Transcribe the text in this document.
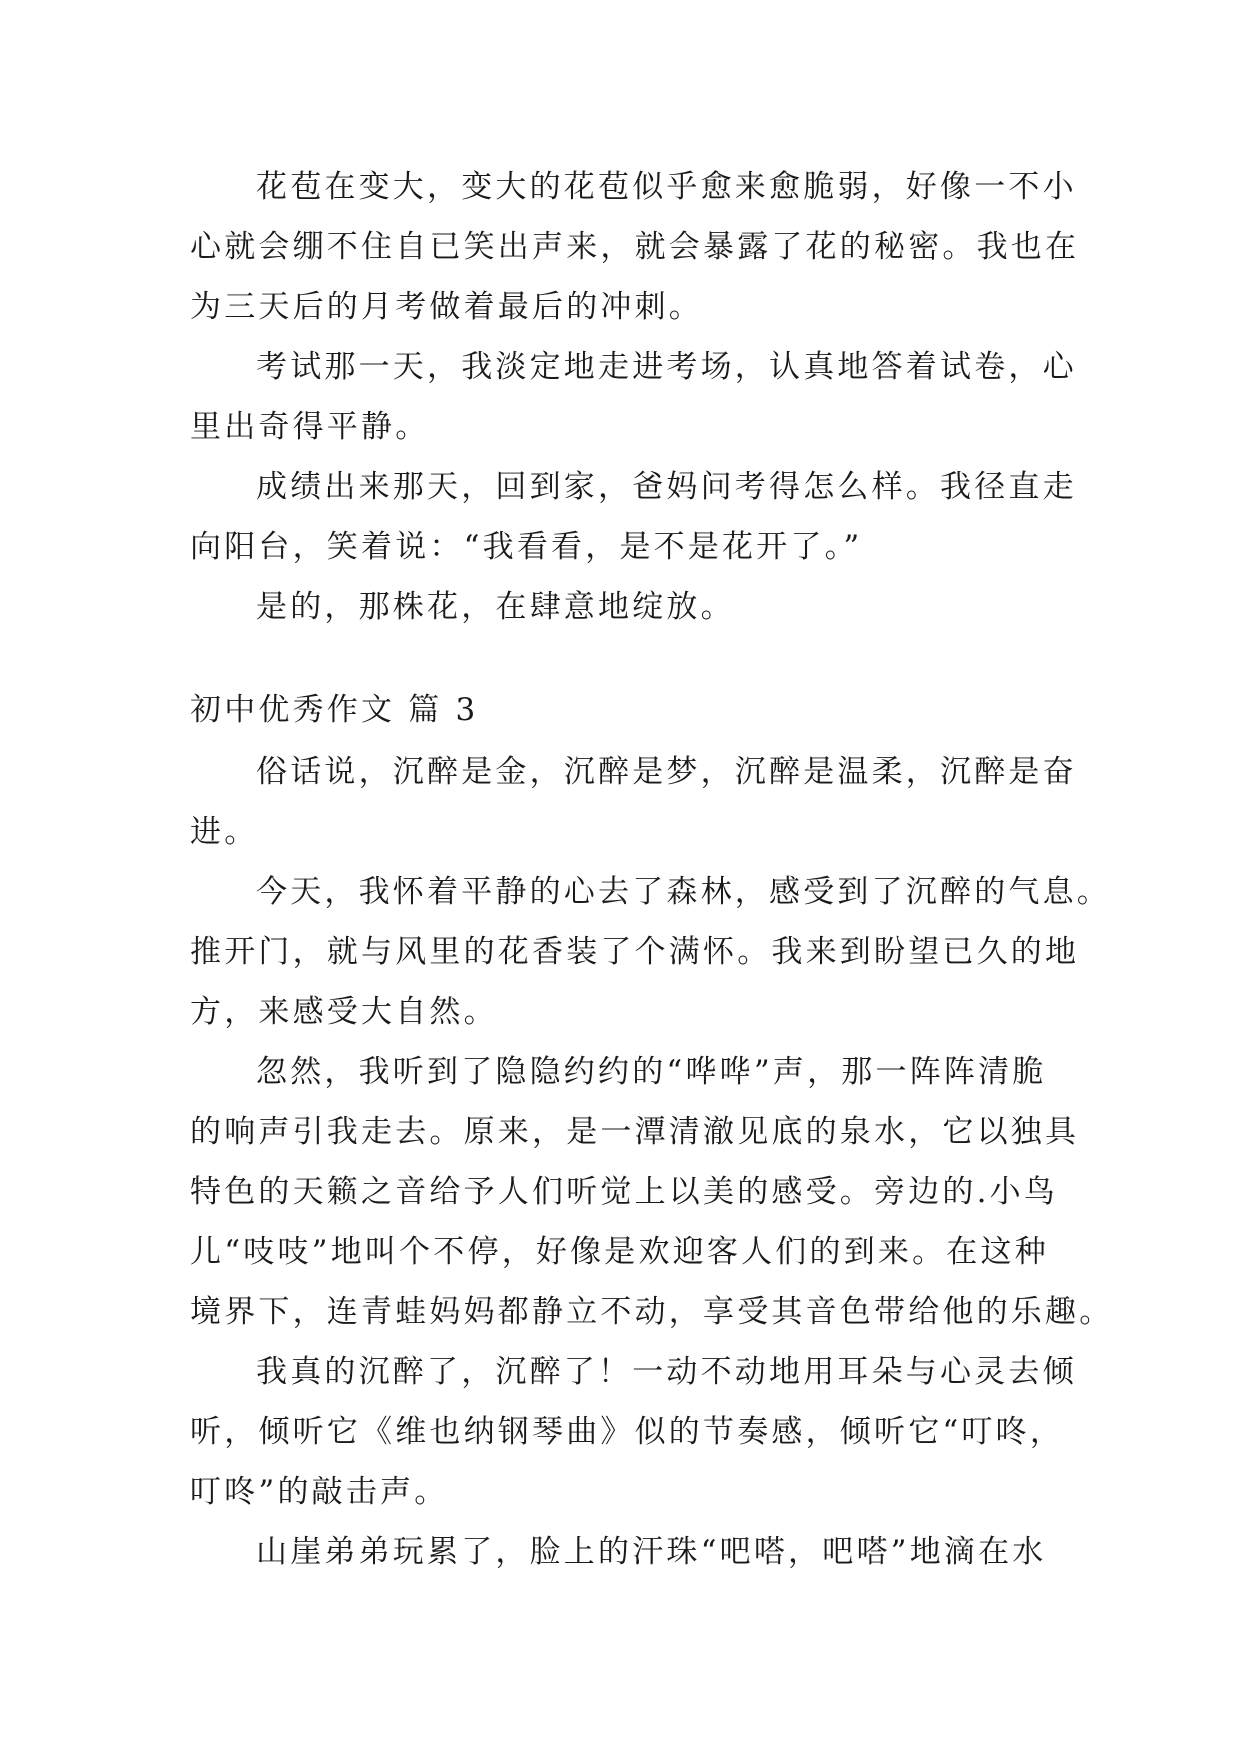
花苞在变大，变大的花苞似乎愈来愈脆弱，好像一不小
心就会绷不住自已笑出声来，就会暴露了花的秘密。我也在
为三天后的月考做着最后的冲刺。
考试那一天，我淡定地走进考场，认真地答着试卷，心
里出奇得平静。
成绩出来那天，回到家，爸妈问考得怎么样。我径直走
向阳台，笑着说：“我看看，是不是花开了。”
是的，那株花，在肆意地绽放。
初中优秀作文 篇 3
俗话说，沉醉是金，沉醉是梦，沉醉是温柔，沉醉是奋
进。
今天，我怀着平静的心去了森林，感受到了沉醉的气息。
推开门，就与风里的花香装了个满怀。我来到盼望已久的地
方，来感受大自然。
忽然，我听到了隐隐约约的“哗哗”声，那一阵阵清脆
的响声引我走去。原来，是一潭清澈见底的泉水，它以独具
特色的天籁之音给予人们听觉上以美的感受。旁边的.小鸟
儿“吱吱”地叫个不停，好像是欢迎客人们的到来。在这种
境界下，连青蛙妈妈都静立不动，享受其音色带给他的乐趣。
我真的沉醉了，沉醉了！一动不动地用耳朵与心灵去倾
听，倾听它《维也纳钢琴曲》似的节奏感，倾听它“叮咚，
叮咚”的敲击声。
山崖弟弟玩累了，脸上的汗珠“吧嗒，吧嗒”地滴在水
